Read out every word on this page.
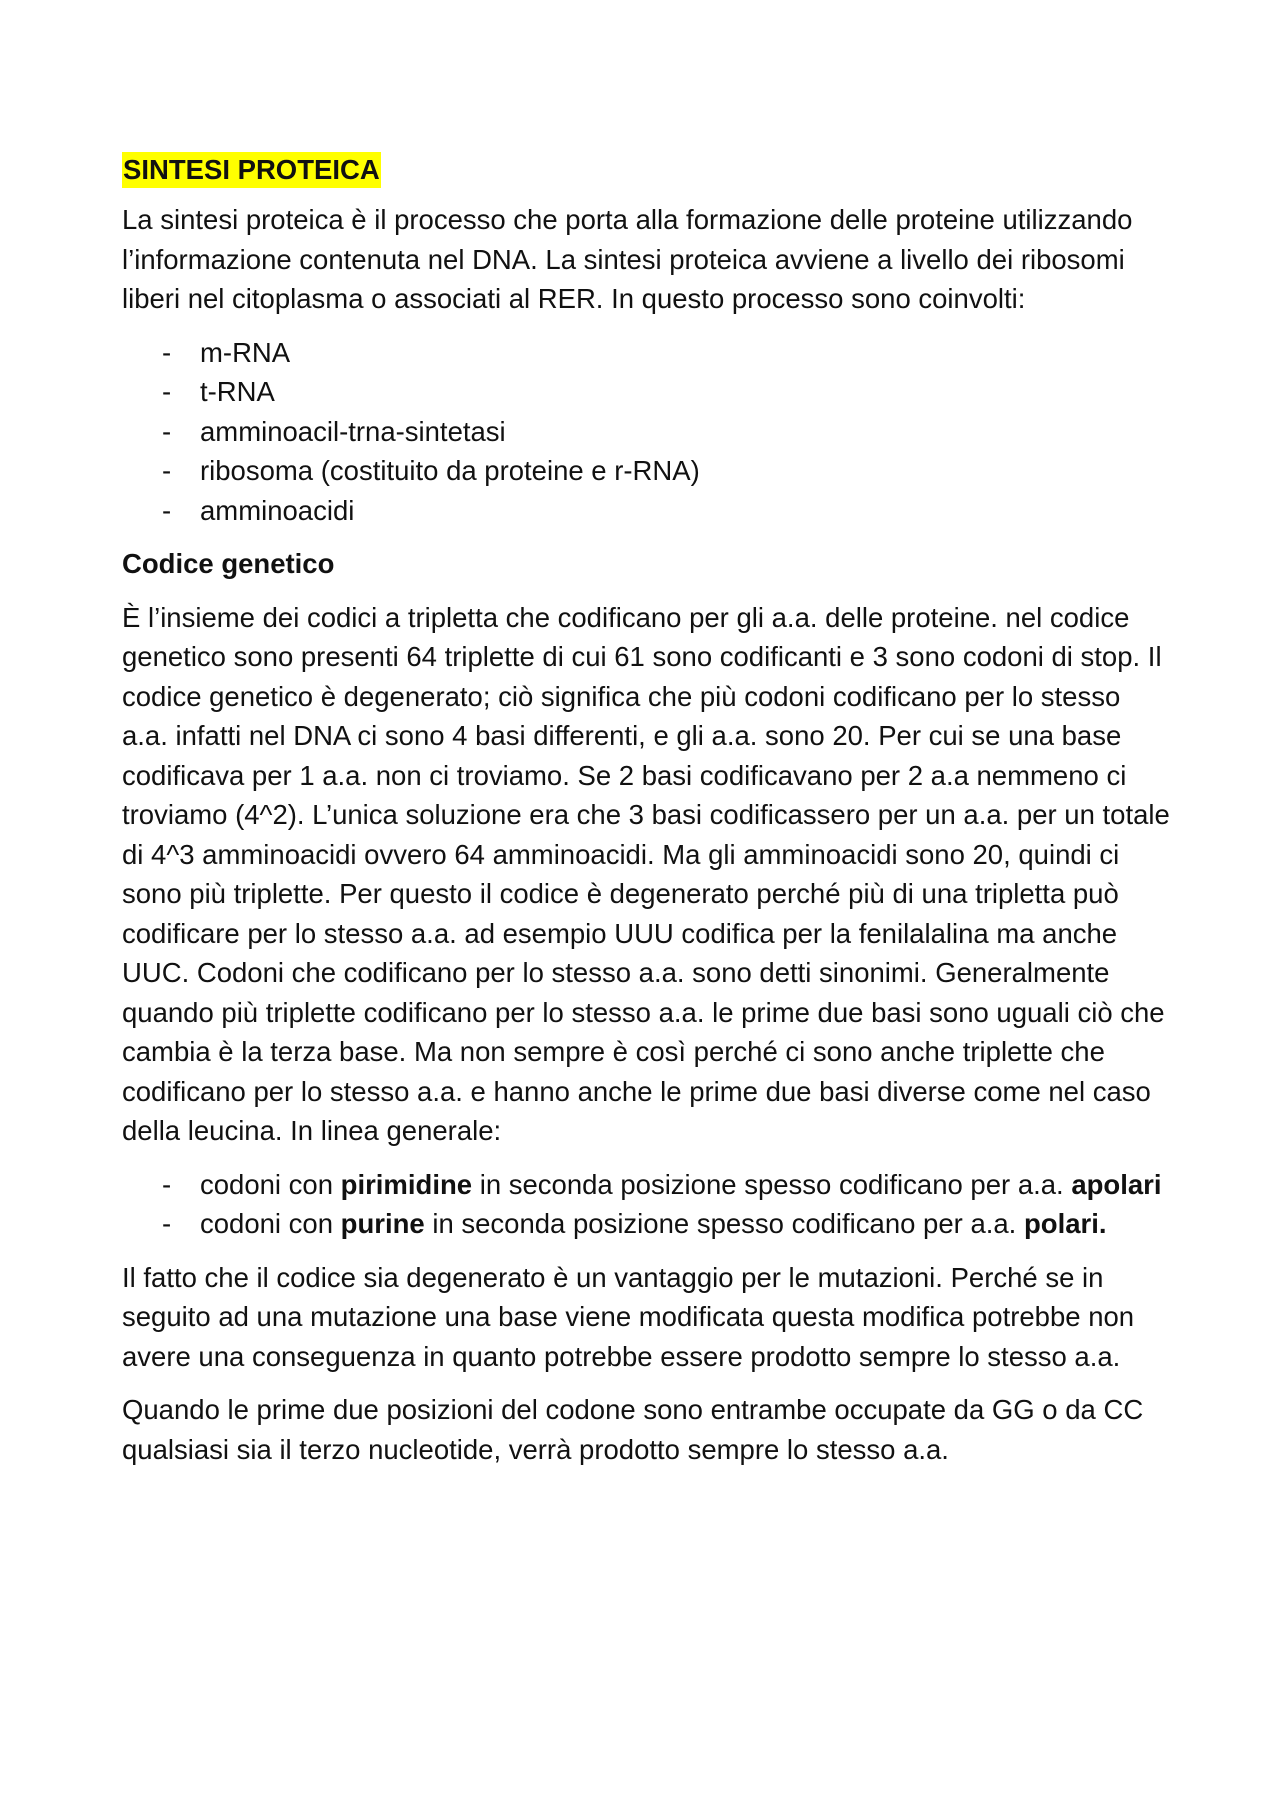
SINTESI PROTEICA

La sintesi proteica è il processo che porta alla formazione delle proteine utilizzando l’informazione contenuta nel DNA. La sintesi proteica avviene a livello dei ribosomi liberi nel citoplasma o associati al RER. In questo processo sono coinvolti:

- m-RNA
- t-RNA
- amminoacil-trna-sintetasi
- ribosoma (costituito da proteine e r-RNA)
- amminoacidi
Codice genetico

È l’insieme dei codici a tripletta che codificano per gli a.a. delle proteine. nel codice genetico sono presenti 64 triplette di cui 61 sono codificanti e 3 sono codoni di stop. Il codice genetico è degenerato; ciò significa che più codoni codificano per lo stesso a.a. infatti nel DNA ci sono 4 basi differenti, e gli a.a. sono 20. Per cui se una base codificava per 1 a.a. non ci troviamo. Se 2 basi codificavano per 2 a.a nemmeno ci troviamo (4^2). L’unica soluzione era che 3 basi codificassero per un a.a. per un totale di 4^3 amminoacidi ovvero 64 amminoacidi. Ma gli amminoacidi sono 20, quindi ci sono più triplette. Per questo il codice è degenerato perché più di una tripletta può codificare per lo stesso a.a. ad esempio UUU codifica per la fenilalalina ma anche UUC. Codoni che codificano per lo stesso a.a. sono detti sinonimi. Generalmente quando più triplette codificano per lo stesso a.a. le prime due basi sono uguali ciò che cambia è la terza base. Ma non sempre è così perché ci sono anche triplette che codificano per lo stesso a.a. e hanno anche le prime due basi diverse come nel caso della leucina. In linea generale:

- codoni con pirimidine in seconda posizione spesso codificano per a.a. apolari
- codoni con purine in seconda posizione spesso codificano per a.a. polari.

Il fatto che il codice sia degenerato è un vantaggio per le mutazioni. Perché se in seguito ad una mutazione una base viene modificata questa modifica potrebbe non avere una conseguenza in quanto potrebbe essere prodotto sempre lo stesso a.a.

Quando le prime due posizioni del codone sono entrambe occupate da GG o da CC qualsiasi sia il terzo nucleotide, verrà prodotto sempre lo stesso a.a.
